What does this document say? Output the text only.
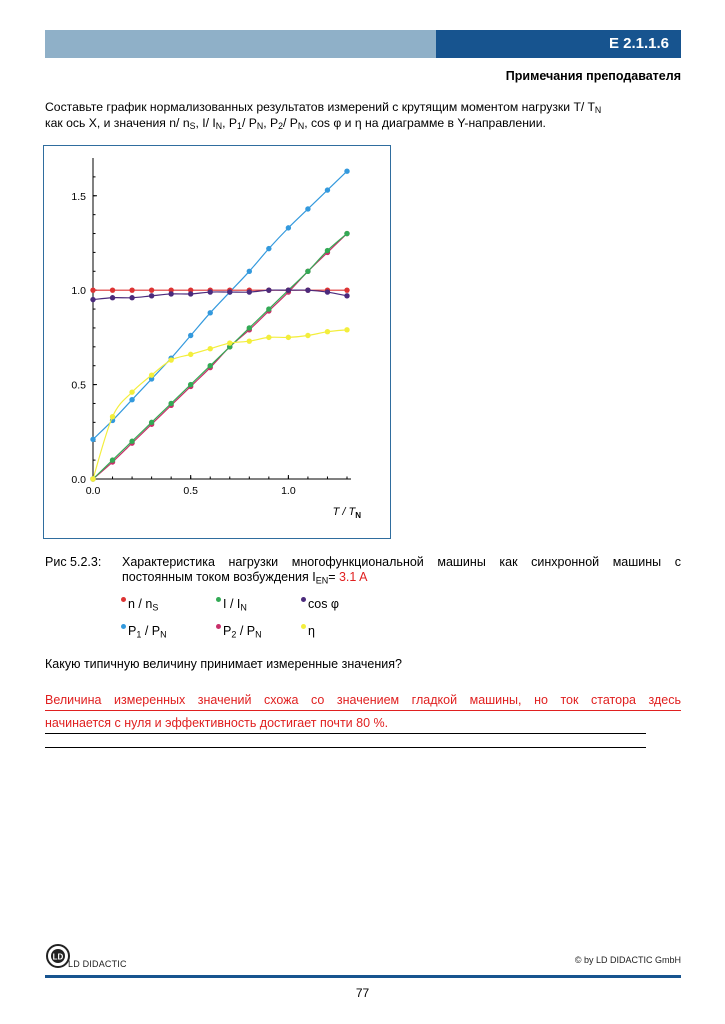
E 2.1.1.6
Примечания преподавателя
Составьте график нормализованных результатов измерений с крутящим моментом нагрузки T/ $T_N$
как ось X, и значения n/ $n_S$, I/ $I_N$, $P_1/$ $P_N$, $P_2/$ $P_N$, cos φ и η на диаграмме в Y-направлении.
0.0	0.5	1.0
0.0
0.5
1.0
1.5
T / $T_N$
Рис 5.2.3: Характеристика нагрузки многофункциональной машины как синхронной машины с постоянным током возбуждения $I_{EN}= 3.1$ A
n / $n_S$	I / $I_N$	cos φ
$P_1 / P_N$	$P_2 / P_N$	η
Какую типичную величину принимает измеренные значения?
Величина измеренных значений схожа со значением гладкой машины, но ток статора здесь
начинается с нуля и эффективность достигает почти 80 %.
LD
LD DIDACTIC	© by LD DIDACTIC GmbH
77
